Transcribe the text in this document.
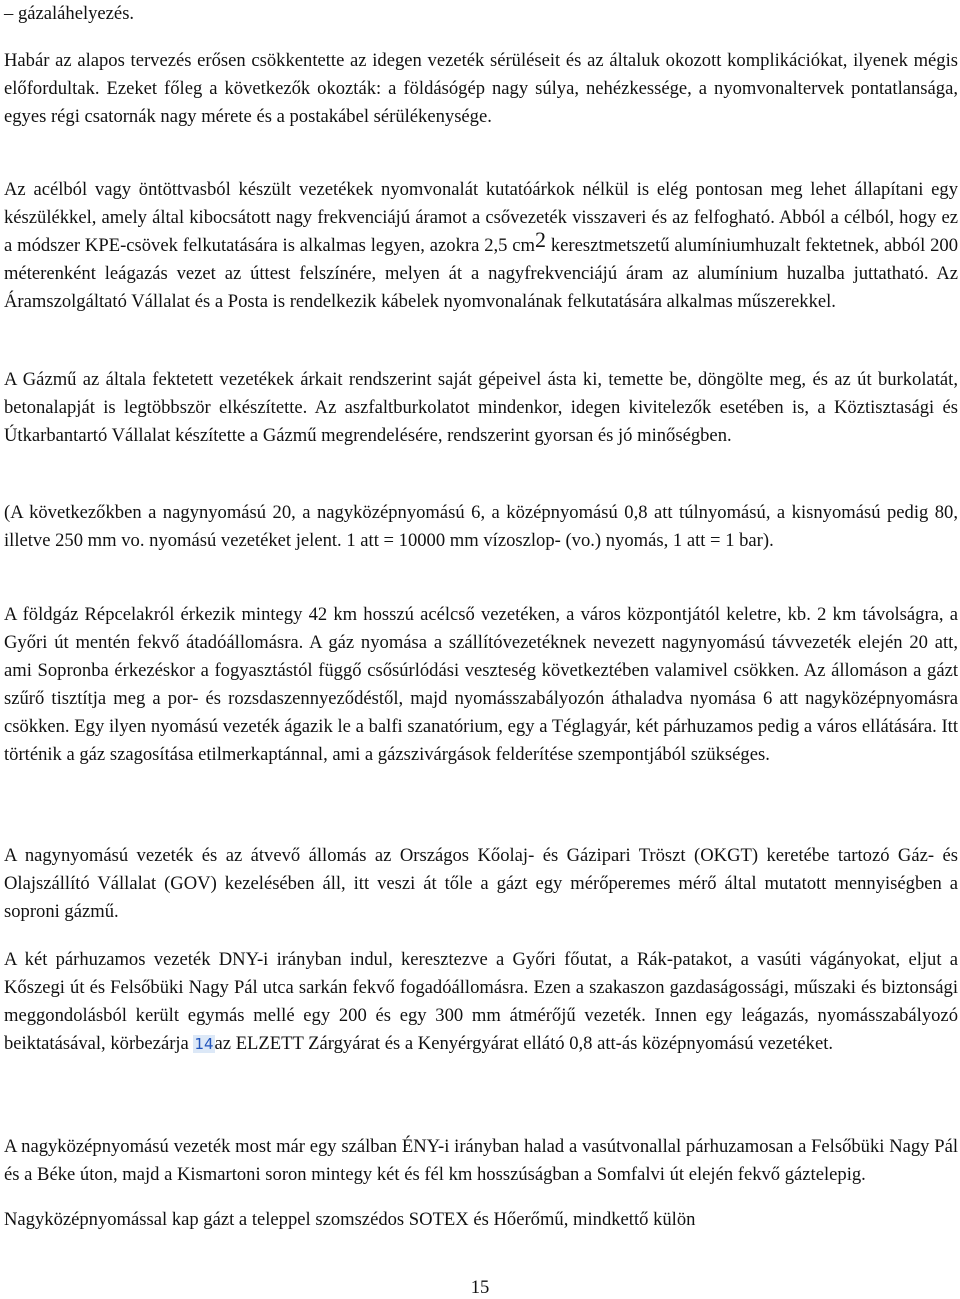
– gázaláhelyezés.

Habár az alapos tervezés erősen csökkentette az idegen vezeték sérüléseit és az általuk okozott komplikációkat, ilyenek mégis előfordultak. Ezeket főleg a következők okozták: a földásógép nagy súlya, nehézkessége, a nyomvonaltervek pontatlansága, egyes régi csatornák nagy mérete és a postakábel sérülékenysége.

Az acélból vagy öntöttvasból készült vezetékek nyomvonalát kutatóárkok nélkül is elég pontosan meg lehet állapítani egy készülékkel, amely által kibocsátott nagy frekvenciájú áramot a csővezeték visszaveri és az felfogható. Abból a célból, hogy ez a módszer KPE-csövek felkutatására is alkalmas legyen, azokra 2,5 $cm^2$ keresztmetszetű alumíniumhuzalt fektetnek, abból 200 méterenként leágazás vezet az úttest felszínére, melyen át a nagyfrekvenciájú áram az alumínium huzalba juttatható. Az Áramszolgáltató Vállalat és a Posta is rendelkezik kábelek nyomvonalának felkutatására alkalmas műszerekkel.

A Gázmű az általa fektetett vezetékek árkait rendszerint saját gépeivel ásta ki, temette be, döngölte meg, és az út burkolatát, betonalapját is legtöbbször elkészítette. Az aszfaltburkolatot mindenkor, idegen kivitelezők esetében is, a Köztisztasági és Útkarbantartó Vállalat készítette a Gázmű megrendelésére, rendszerint gyorsan és jó minőségben.

(A következőkben a nagynyomású 20, a nagyközépnyomású 6, a középnyomású 0,8 att túlnyomású, a kisnyomású pedig 80, illetve 250 mm vo. nyomású vezetéket jelent. 1 att = 10000 mm vízoszlop- (vo.) nyomás, 1 att = 1 bar).

A földgáz Répcelakról érkezik mintegy 42 km hosszú acélcső vezetéken, a város központjától keletre, kb. 2 km távolságra, a Győri út mentén fekvő átadóállomásra. A gáz nyomása a szállítóvezetéknek nevezett nagynyomású távvezeték elején 20 att, ami Sopronba érkezéskor a fogyasztástól függő csősúrlódási veszteség következtében valamivel csökken. Az állomáson a gázt szűrő tisztítja meg a por- és rozsdaszennyeződéstől, majd nyomásszabályozón áthaladva nyomása 6 att nagyközépnyomásra csökken. Egy ilyen nyomású vezeték ágazik le a balfi szanatórium, egy a Téglagyár, két párhuzamos pedig a város ellátására. Itt történik a gáz szagosítása etilmerkaptánnal, ami a gázszivárgások felderítése szempontjából szükséges.

A nagynyomású vezeték és az átvevő állomás az Országos Kőolaj- és Gázipari Tröszt (OKGT) keretébe tartozó Gáz- és Olajszállító Vállalat (GOV) kezelésében áll, itt veszi át tőle a gázt egy mérőperemes mérő által mutatott mennyiségben a soproni gázmű.

A két párhuzamos vezeték DNY-i irányban indul, keresztezve a Győri főutat, a Rák-patakot, a vasúti vágányokat, eljut a Kőszegi út és Felsőbüki Nagy Pál utca sarkán fekvő fogadóállomásra. Ezen a szakaszon gazdaságossági, műszaki és biztonsági meggondolásból került egymás mellé egy 200 és egy 300 mm átmérőjű vezeték. Innen egy leágazás, nyomásszabályozó beiktatásával, körbezárja 14az ELZETT Zárgyárat és a Kenyérgyárat ellátó 0,8 att-ás középnyomású vezetéket.

A nagyközépnyomású vezeték most már egy szálban ÉNY-i irányban halad a vasútvonallal párhuzamosan a Felsőbüki Nagy Pál és a Béke úton, majd a Kismartoni soron mintegy két és fél km hosszúságban a Somfalvi út elején fekvő gáztelepig.

Nagyközépnyomással kap gázt a teleppel szomszédos SOTEX és Hőerőmű, mindkettő külön

15
